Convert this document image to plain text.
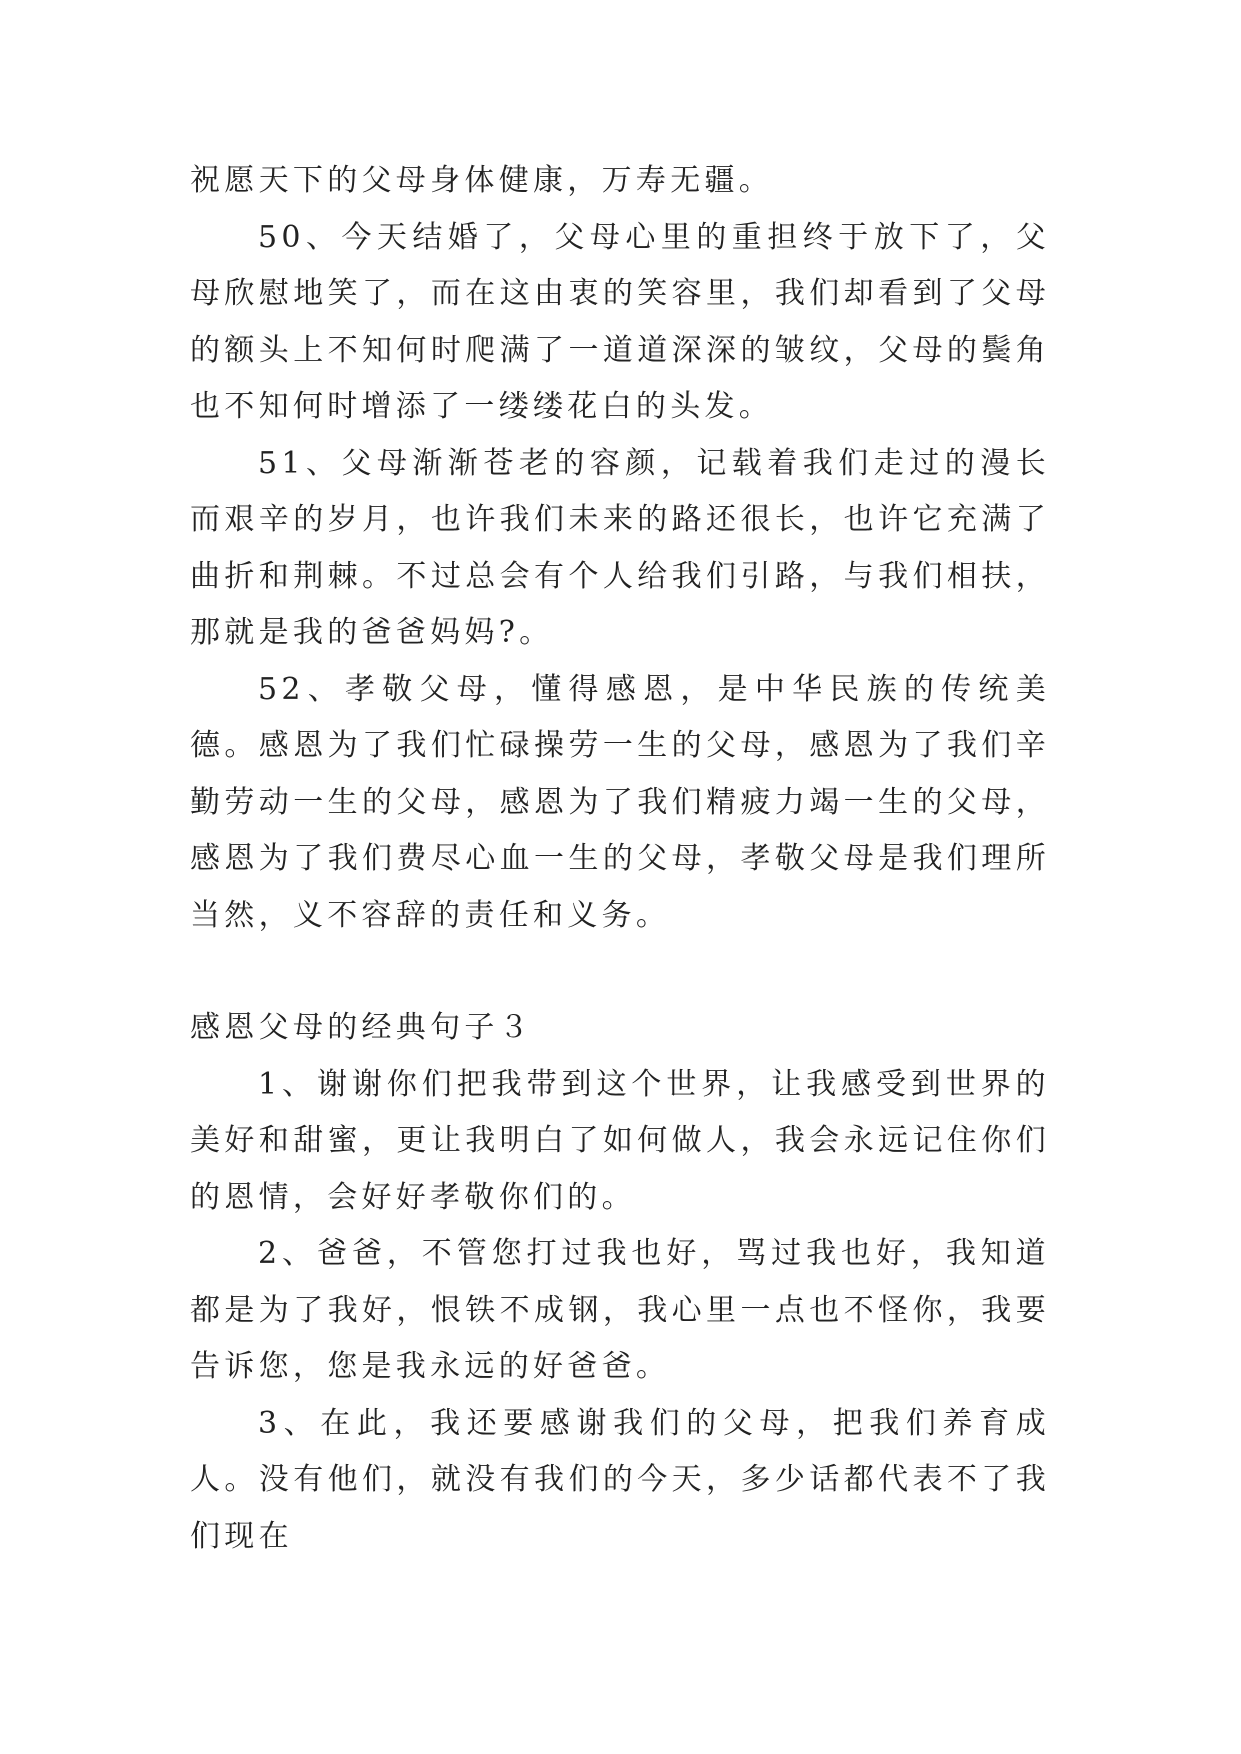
祝愿天下的父母身体健康，万寿无疆。

50、今天结婚了，父母心里的重担终于放下了，父母欣慰地笑了，而在这由衷的笑容里，我们却看到了父母的额头上不知何时爬满了一道道深深的皱纹，父母的鬓角也不知何时增添了一缕缕花白的头发。

51、父母渐渐苍老的容颜，记载着我们走过的漫长而艰辛的岁月，也许我们未来的路还很长，也许它充满了曲折和荆棘。不过总会有个人给我们引路，与我们相扶，那就是我的爸爸妈妈?。

52、孝敬父母，懂得感恩，是中华民族的传统美德。感恩为了我们忙碌操劳一生的父母，感恩为了我们辛勤劳动一生的父母，感恩为了我们精疲力竭一生的父母，感恩为了我们费尽心血一生的父母，孝敬父母是我们理所当然，义不容辞的责任和义务。

感恩父母的经典句子３

1、谢谢你们把我带到这个世界，让我感受到世界的美好和甜蜜，更让我明白了如何做人，我会永远记住你们的恩情，会好好孝敬你们的。

2、爸爸，不管您打过我也好，骂过我也好，我知道都是为了我好，恨铁不成钢，我心里一点也不怪你，我要告诉您，您是我永远的好爸爸。

3、在此，我还要感谢我们的父母，把我们养育成人。没有他们，就没有我们的今天，多少话都代表不了我们现在
